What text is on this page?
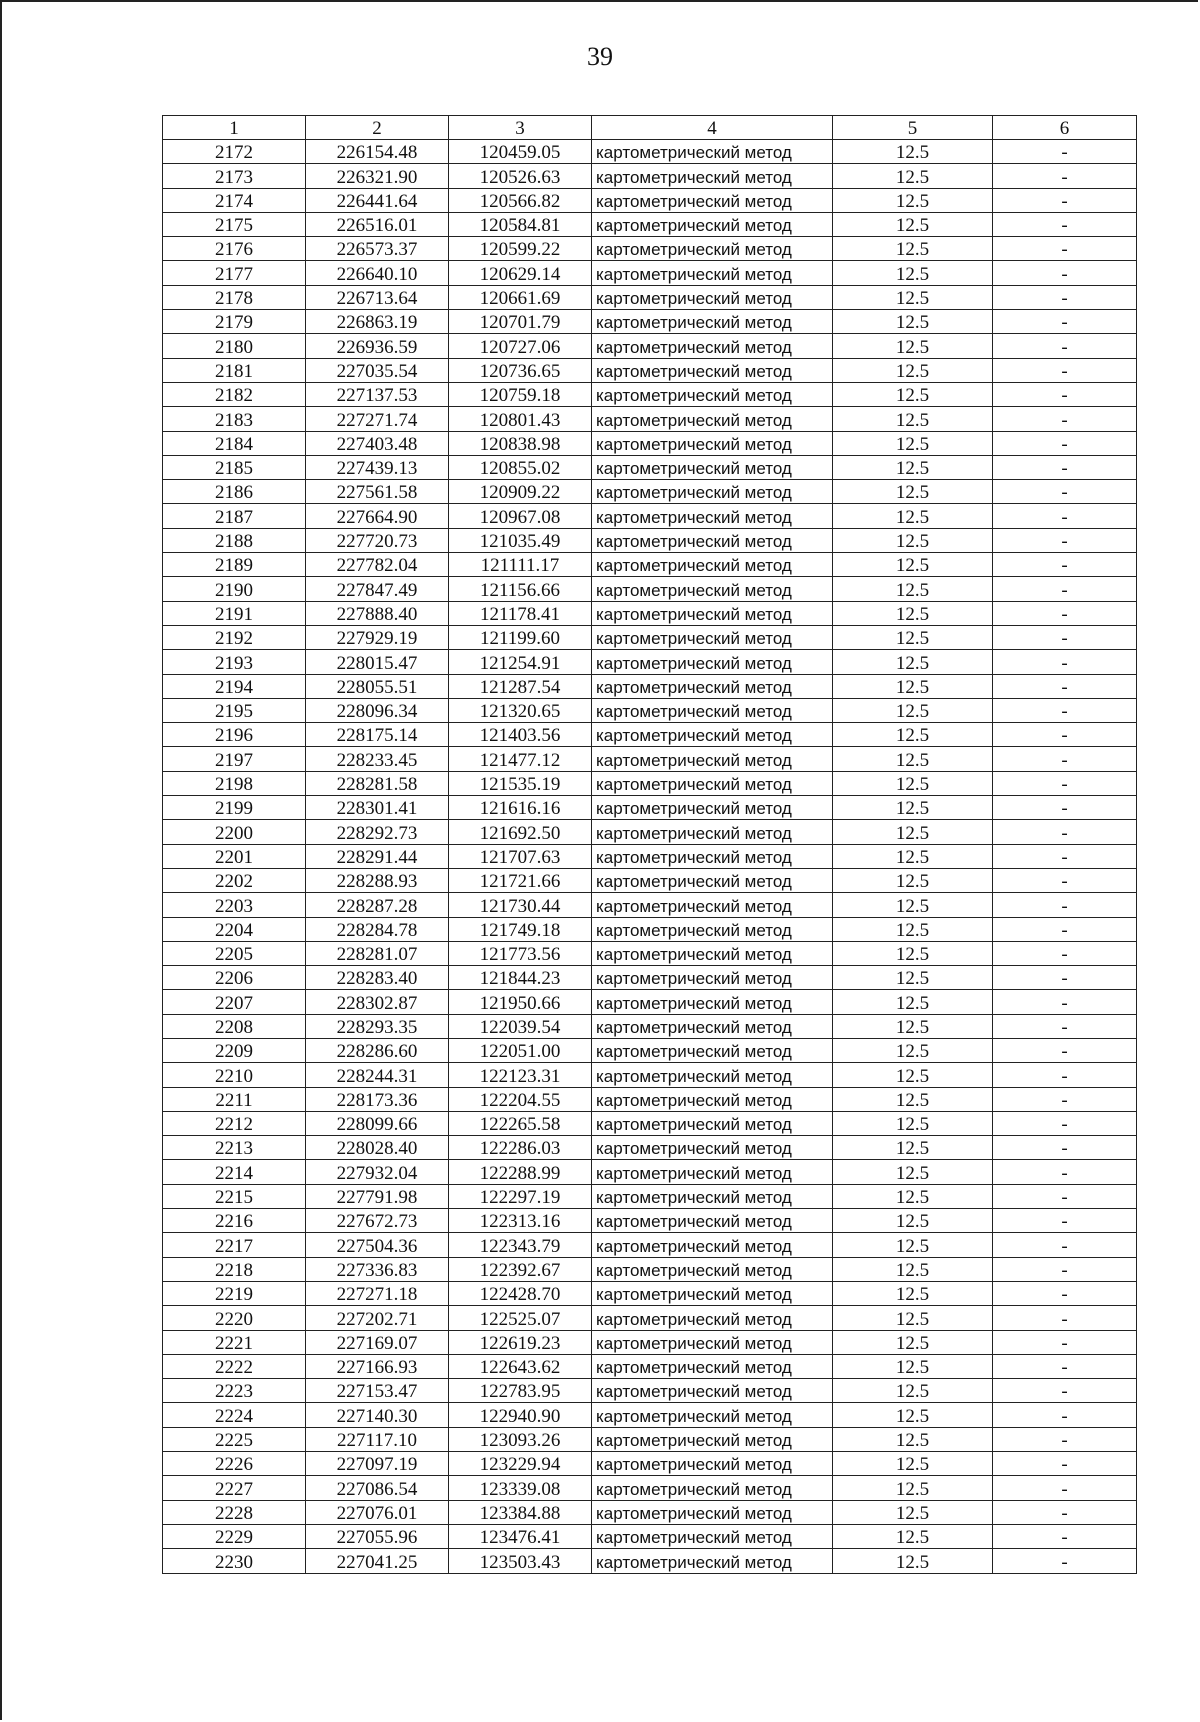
39
1	2	3	4	5	6
2172	226154.48	120459.05	картометрический метод	12.5	-
2173	226321.90	120526.63	картометрический метод	12.5	-
2174	226441.64	120566.82	картометрический метод	12.5	-
2175	226516.01	120584.81	картометрический метод	12.5	-
2176	226573.37	120599.22	картометрический метод	12.5	-
2177	226640.10	120629.14	картометрический метод	12.5	-
2178	226713.64	120661.69	картометрический метод	12.5	-
2179	226863.19	120701.79	картометрический метод	12.5	-
2180	226936.59	120727.06	картометрический метод	12.5	-
2181	227035.54	120736.65	картометрический метод	12.5	-
2182	227137.53	120759.18	картометрический метод	12.5	-
2183	227271.74	120801.43	картометрический метод	12.5	-
2184	227403.48	120838.98	картометрический метод	12.5	-
2185	227439.13	120855.02	картометрический метод	12.5	-
2186	227561.58	120909.22	картометрический метод	12.5	-
2187	227664.90	120967.08	картометрический метод	12.5	-
2188	227720.73	121035.49	картометрический метод	12.5	-
2189	227782.04	121111.17	картометрический метод	12.5	-
2190	227847.49	121156.66	картометрический метод	12.5	-
2191	227888.40	121178.41	картометрический метод	12.5	-
2192	227929.19	121199.60	картометрический метод	12.5	-
2193	228015.47	121254.91	картометрический метод	12.5	-
2194	228055.51	121287.54	картометрический метод	12.5	-
2195	228096.34	121320.65	картометрический метод	12.5	-
2196	228175.14	121403.56	картометрический метод	12.5	-
2197	228233.45	121477.12	картометрический метод	12.5	-
2198	228281.58	121535.19	картометрический метод	12.5	-
2199	228301.41	121616.16	картометрический метод	12.5	-
2200	228292.73	121692.50	картометрический метод	12.5	-
2201	228291.44	121707.63	картометрический метод	12.5	-
2202	228288.93	121721.66	картометрический метод	12.5	-
2203	228287.28	121730.44	картометрический метод	12.5	-
2204	228284.78	121749.18	картометрический метод	12.5	-
2205	228281.07	121773.56	картометрический метод	12.5	-
2206	228283.40	121844.23	картометрический метод	12.5	-
2207	228302.87	121950.66	картометрический метод	12.5	-
2208	228293.35	122039.54	картометрический метод	12.5	-
2209	228286.60	122051.00	картометрический метод	12.5	-
2210	228244.31	122123.31	картометрический метод	12.5	-
2211	228173.36	122204.55	картометрический метод	12.5	-
2212	228099.66	122265.58	картометрический метод	12.5	-
2213	228028.40	122286.03	картометрический метод	12.5	-
2214	227932.04	122288.99	картометрический метод	12.5	-
2215	227791.98	122297.19	картометрический метод	12.5	-
2216	227672.73	122313.16	картометрический метод	12.5	-
2217	227504.36	122343.79	картометрический метод	12.5	-
2218	227336.83	122392.67	картометрический метод	12.5	-
2219	227271.18	122428.70	картометрический метод	12.5	-
2220	227202.71	122525.07	картометрический метод	12.5	-
2221	227169.07	122619.23	картометрический метод	12.5	-
2222	227166.93	122643.62	картометрический метод	12.5	-
2223	227153.47	122783.95	картометрический метод	12.5	-
2224	227140.30	122940.90	картометрический метод	12.5	-
2225	227117.10	123093.26	картометрический метод	12.5	-
2226	227097.19	123229.94	картометрический метод	12.5	-
2227	227086.54	123339.08	картометрический метод	12.5	-
2228	227076.01	123384.88	картометрический метод	12.5	-
2229	227055.96	123476.41	картометрический метод	12.5	-
2230	227041.25	123503.43	картометрический метод	12.5	-
